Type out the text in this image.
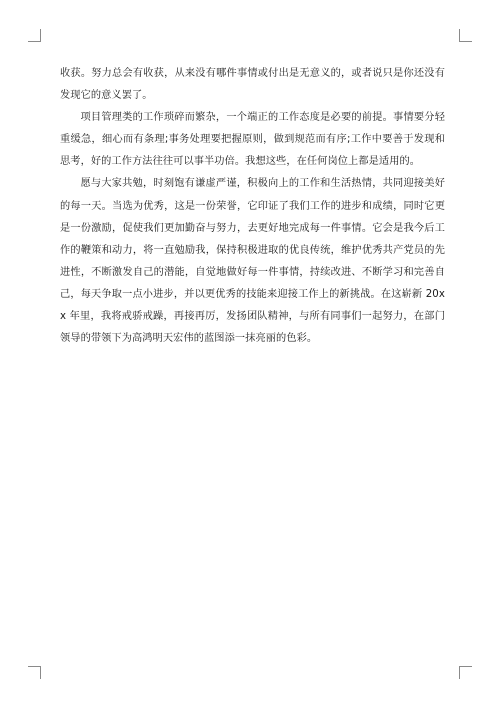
收获。努力总会有收获，从来没有哪件事情或付出是无意义的，或者说只是你还没有发现它的意义罢了。

项目管理类的工作琐碎而繁杂，一个端正的工作态度是必要的前提。事情要分轻重缓急，细心而有条理;事务处理要把握原则，做到规范而有序;工作中要善于发现和思考，好的工作方法往往可以事半功倍。我想这些，在任何岗位上都是适用的。

愿与大家共勉，时刻饱有谦虚严谨，积极向上的工作和生活热情，共同迎接美好的每一天。当选为优秀，这是一份荣誉，它印证了我们工作的进步和成绩，同时它更是一份激励，促使我们更加勤奋与努力，去更好地完成每一件事情。它会是我今后工作的鞭策和动力，将一直勉励我，保持积极进取的优良传统，维护优秀共产党员的先进性，不断激发自己的潜能，自觉地做好每一件事情，持续改进、不断学习和完善自己，每天争取一点小进步，并以更优秀的技能来迎接工作上的新挑战。在这崭新 20xx 年里，我将戒骄戒躁，再接再厉，发扬团队精神，与所有同事们一起努力，在部门领导的带领下为高鸿明天宏伟的蓝图添一抹亮丽的色彩。
